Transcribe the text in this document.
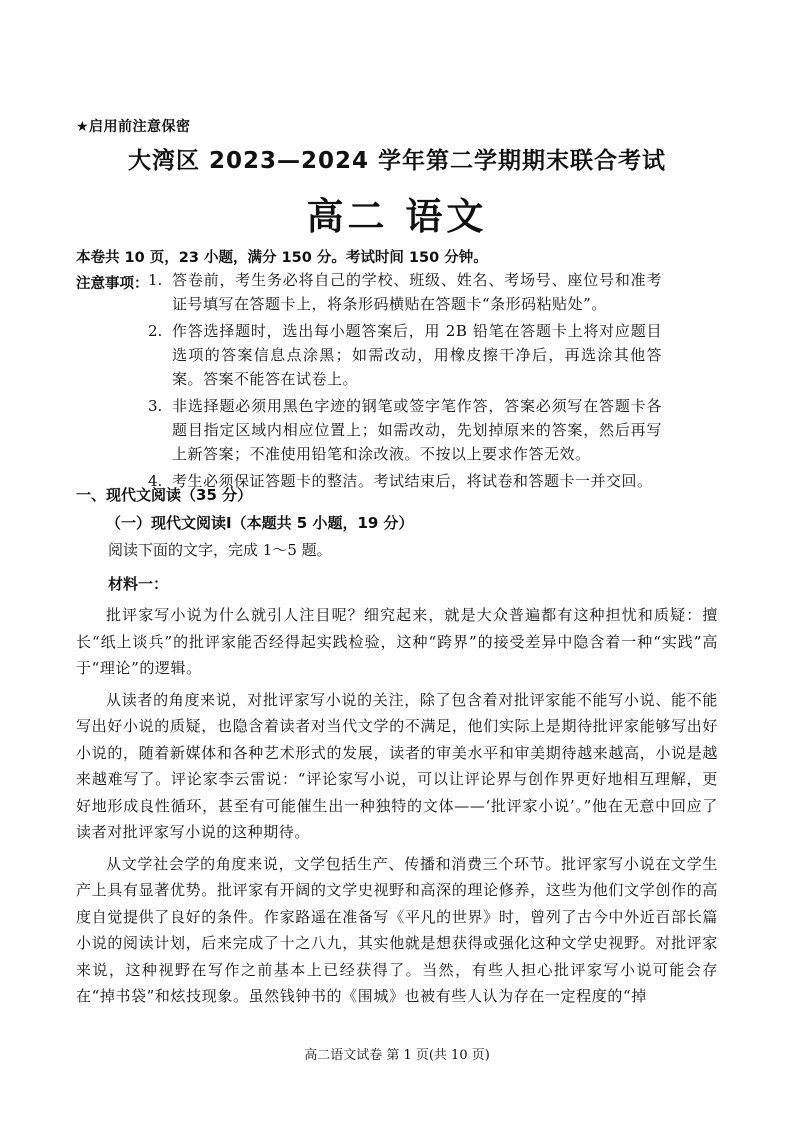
★启用前注意保密
大湾区 2023—2024 学年第二学期期末联合考试
高二 语文
本卷共 10 页，23 小题，满分 150 分。考试时间 150 分钟。
注意事项： 1. 答卷前，考生务必将自己的学校、班级、姓名、考场号、座位号和准考证号填写在答题卡上，将条形码横贴在答题卡“条形码粘贴处”。
2. 作答选择题时，选出每小题答案后，用 2B 铅笔在答题卡上将对应题目选项的答案信息点涂黑；如需改动，用橡皮擦干净后，再选涂其他答案。答案不能答在试卷上。
3. 非选择题必须用黑色字迹的钢笔或签字笔作答，答案必须写在答题卡各题目指定区域内相应位置上；如需改动，先划掉原来的答案，然后再写上新答案；不准使用铅笔和涂改液。不按以上要求作答无效。
4. 考生必须保证答题卡的整洁。考试结束后，将试卷和答题卡一并交回。
一、现代文阅读（35 分）
（一）现代文阅读Ⅰ（本题共 5 小题，19 分）
阅读下面的文字，完成 1～5 题。
材料一：

批评家写小说为什么就引人注目呢？细究起来，就是大众普遍都有这种担忧和质疑：擅长“纸上谈兵”的批评家能否经得起实践检验，这种“跨界”的接受差异中隐含着一种“实践”高于“理论”的逻辑。

从读者的角度来说，对批评家写小说的关注，除了包含着对批评家能不能写小说、能不能写出好小说的质疑，也隐含着读者对当代文学的不满足，他们实际上是期待批评家能够写出好小说的，随着新媒体和各种艺术形式的发展，读者的审美水平和审美期待越来越高，小说是越来越难写了。评论家李云雷说：“评论家写小说，可以让评论界与创作界更好地相互理解，更好地形成良性循环，甚至有可能催生出一种独特的文体——‘批评家小说’。”他在无意中回应了读者对批评家写小说的这种期待。

从文学社会学的角度来说，文学包括生产、传播和消费三个环节。批评家写小说在文学生产上具有显著优势。批评家有开阔的文学史视野和高深的理论修养，这些为他们文学创作的高度自觉提供了良好的条件。作家路遥在准备写《平凡的世界》时，曾列了古今中外近百部长篇小说的阅读计划，后来完成了十之八九，其实他就是想获得或强化这种文学史视野。对批评家来说，这种视野在写作之前基本上已经获得了。当然，有些人担心批评家写小说可能会存在“掉书袋”和炫技现象。虽然钱钟书的《围城》也被有些人认为存在一定程度的“掉

高二语文试卷 第 1 页(共 10 页)
